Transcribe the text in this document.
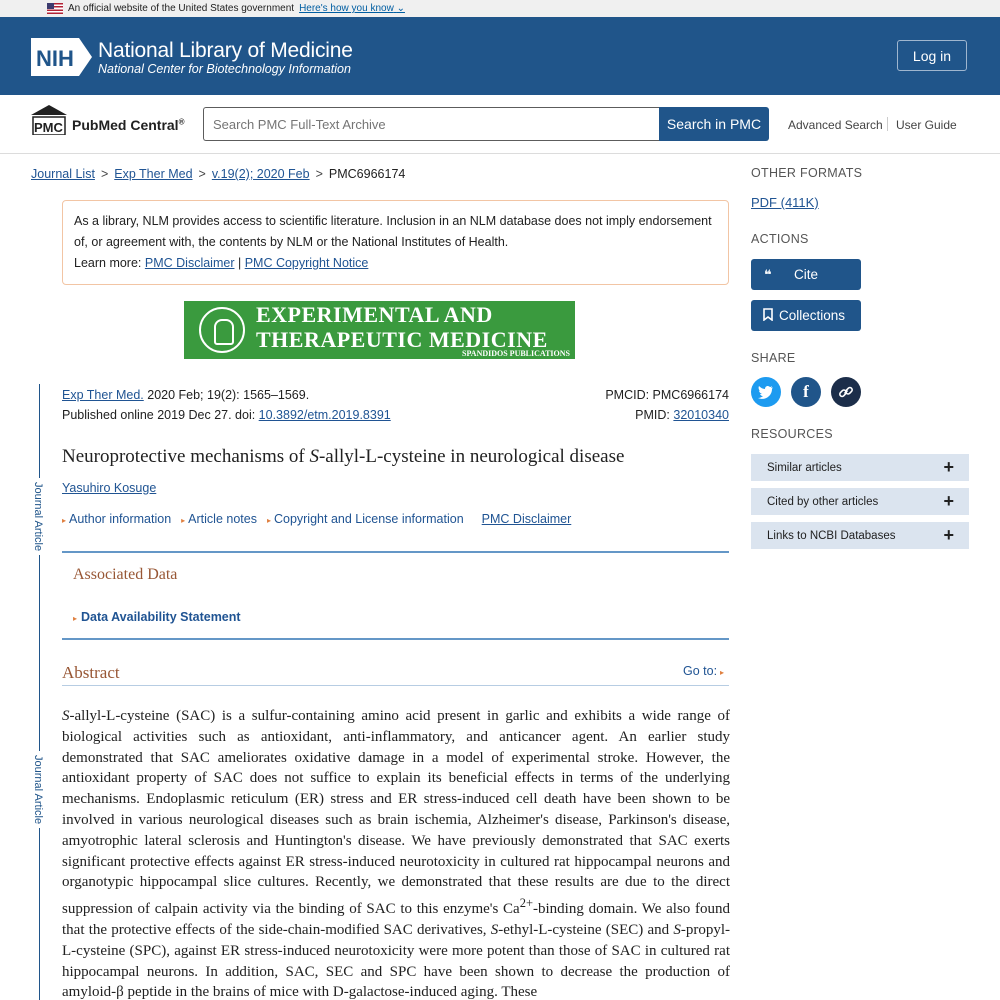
An official website of the United States government Here's how you know ⌄
NIH National Library of Medicine
National Center for Biotechnology Information
Log in
PMC PubMed Central®
Search PMC Full-Text Archive	Search in PMC	Advanced Search User Guide
Journal List > Exp Ther Med > v.19(2); 2020 Feb > PMC6966174
As a library, NLM provides access to scientific literature. Inclusion in an NLM database does not imply endorsement of, or agreement with, the contents by NLM or the National Institutes of Health.
Learn more: PMC Disclaimer | PMC Copyright Notice
EXPERIMENTAL AND
THERAPEUTIC MEDICINE
SPANDIDOS PUBLICATIONS
Journal Article
Journal Article
Exp Ther Med. 2020 Feb; 19(2): 1565–1569.
Published online 2019 Dec 27. doi: 10.3892/etm.2019.8391
PMCID: PMC6966174
PMID: 32010340
Neuroprotective mechanisms of S-allyl-L-cysteine in neurological disease
Yasuhiro Kosuge
▸ Author information ▸ Article notes ▸ Copyright and License information PMC Disclaimer
Associated Data
▸ Data Availability Statement
Abstract	Go to: ▸

S-allyl-L-cysteine (SAC) is a sulfur-containing amino acid present in garlic and exhibits a wide range of biological activities such as antioxidant, anti-inflammatory, and anticancer agent. An earlier study demonstrated that SAC ameliorates oxidative damage in a model of experimental stroke. However, the antioxidant property of SAC does not suffice to explain its beneficial effects in terms of the underlying mechanisms. Endoplasmic reticulum (ER) stress and ER stress-induced cell death have been shown to be involved in various neurological diseases such as brain ischemia, Alzheimer's disease, Parkinson's disease, amyotrophic lateral sclerosis and Huntington's disease. We have previously demonstrated that SAC exerts significant protective effects against ER stress-induced neurotoxicity in cultured rat hippocampal neurons and organotypic hippocampal slice cultures. Recently, we demonstrated that these results are due to the direct suppression of calpain activity via the binding of SAC to this enzyme's $Ca^{2+}$-binding domain. We also found that the protective effects of the side-chain-modified SAC derivatives, S-ethyl-L-cysteine (SEC) and S-propyl-L-cysteine (SPC), against ER stress-induced neurotoxicity were more potent than those of SAC in cultured rat hippocampal neurons. In addition, SAC, SEC and SPC have been shown to decrease the production of amyloid-β peptide in the brains of mice with D-galactose-induced aging. These

OTHER FORMATS
PDF (411K)
ACTIONS
❝	Cite
Collections
SHARE
f
RESOURCES
Similar articles	+
Cited by other articles	+
Links to NCBI Databases	+
